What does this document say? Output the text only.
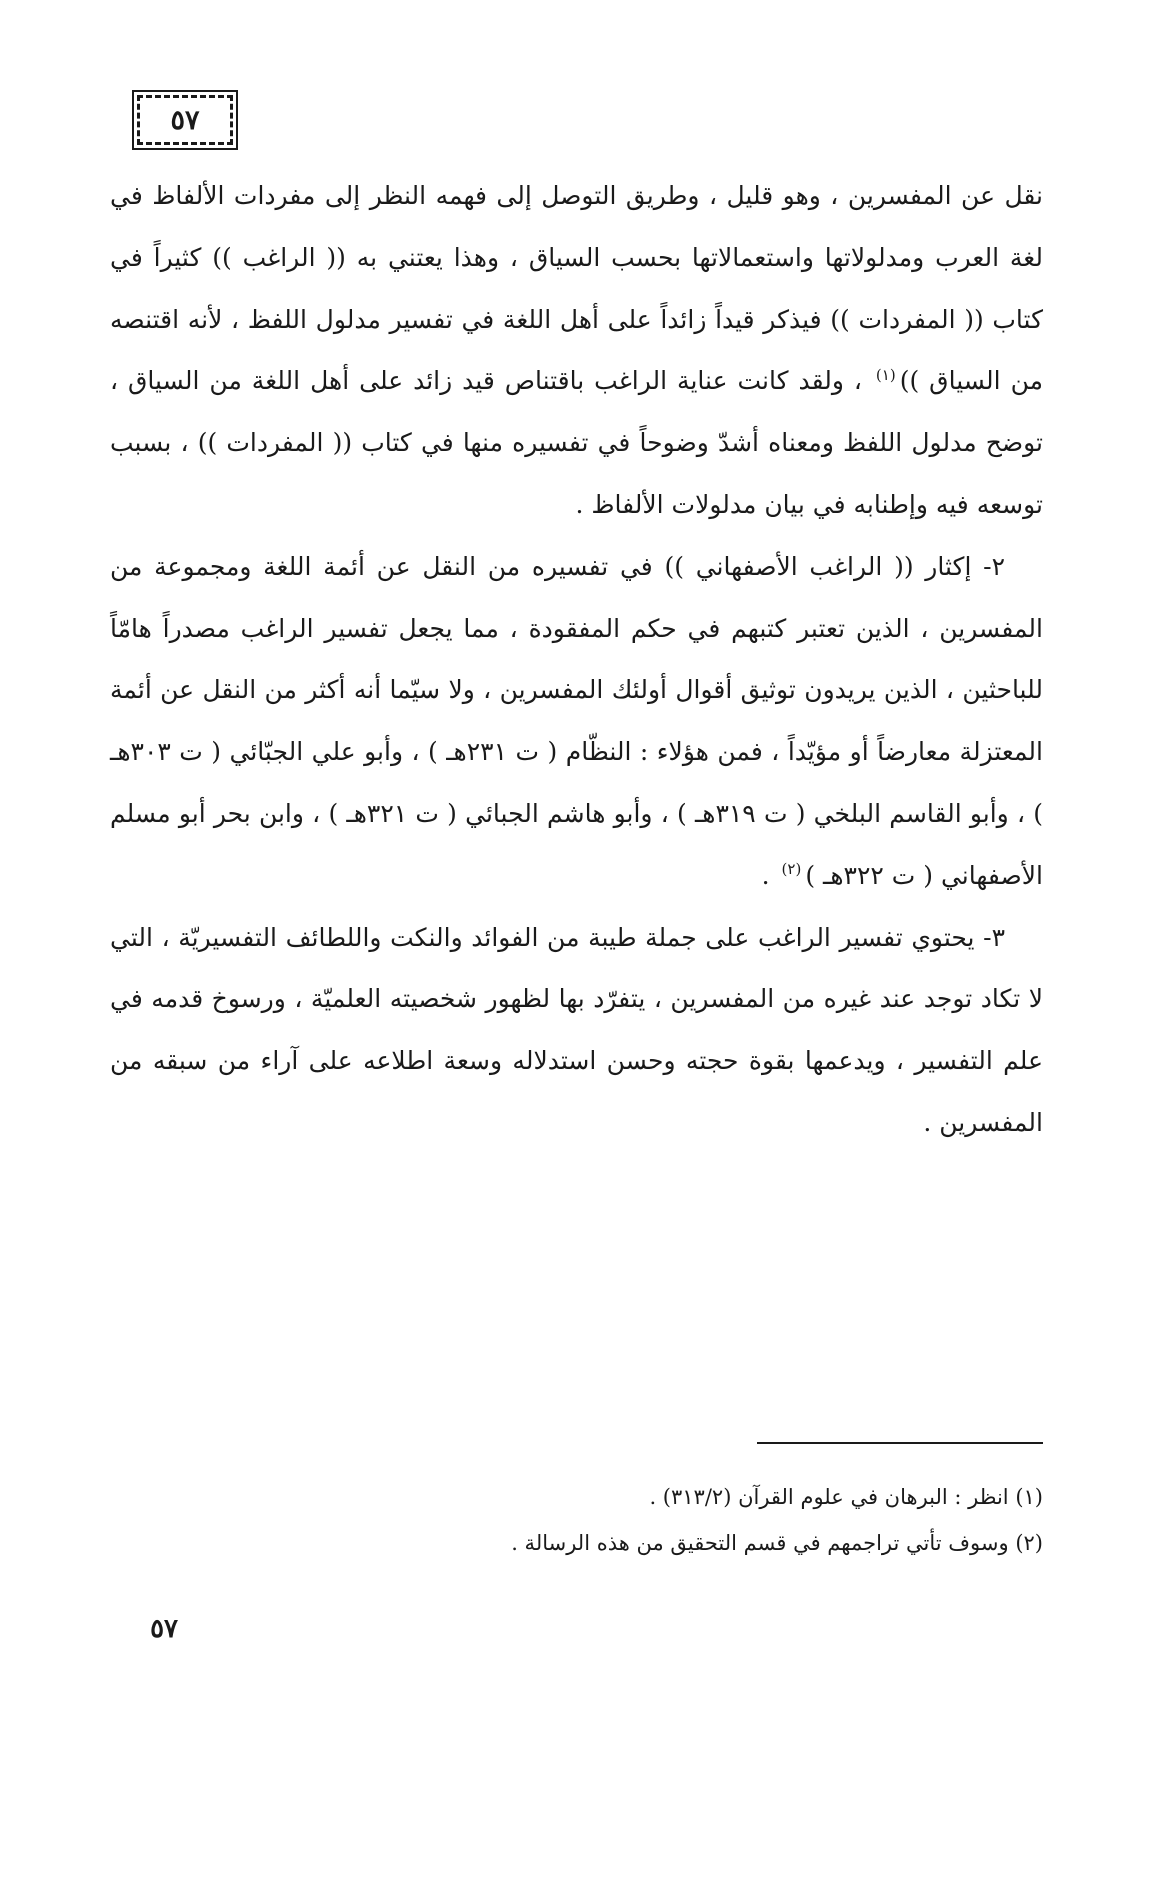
٥٧

نقل عن المفسرين ، وهو قليل ، وطريق التوصل إلى فهمه النظر إلى مفردات الألفاظ في لغة العرب ومدلولاتها واستعمالاتها بحسب السياق ، وهذا يعتني به (( الراغب )) كثيراً في كتاب (( المفردات )) فيذكر قيداً زائداً على أهل اللغة في تفسير مدلول اللفظ ، لأنه اقتنصه من السياق ))$^{(١)}$ ، ولقد كانت عناية الراغب باقتناص قيد زائد على أهل اللغة من السياق ، توضح مدلول اللفظ ومعناه أشدّ وضوحاً في تفسيره منها في كتاب (( المفردات )) ، بسبب توسعه فيه وإطنابه في بيان مدلولات الألفاظ .

٢- إكثار (( الراغب الأصفهاني )) في تفسيره من النقل عن أئمة اللغة ومجموعة من المفسرين ، الذين تعتبر كتبهم في حكم المفقودة ، مما يجعل تفسير الراغب مصدراً هامّاً للباحثين ، الذين يريدون توثيق أقوال أولئك المفسرين ، ولا سيّما أنه أكثر من النقل عن أئمة المعتزلة معارضاً أو مؤيّداً ، فمن هؤلاء : النظّام ( ت ٢٣١هـ ) ، وأبو علي الجبّائي ( ت ٣٠٣هـ ) ، وأبو القاسم البلخي ( ت ٣١٩هـ ) ، وأبو هاشم الجبائي ( ت ٣٢١هـ ) ، وابن بحر أبو مسلم الأصفهاني ( ت ٣٢٢هـ )$^{(٢)}$ .

٣- يحتوي تفسير الراغب على جملة طيبة من الفوائد والنكت واللطائف التفسيريّة ، التي لا تكاد توجد عند غيره من المفسرين ، يتفرّد بها لظهور شخصيته العلميّة ، ورسوخ قدمه في علم التفسير ، ويدعمها بقوة حجته وحسن استدلاله وسعة اطلاعه على آراء من سبقه من المفسرين .

(١) انظر : البرهان في علوم القرآن (٣١٣/٢) .

(٢) وسوف تأتي تراجمهم في قسم التحقيق من هذه الرسالة .

٥٧
